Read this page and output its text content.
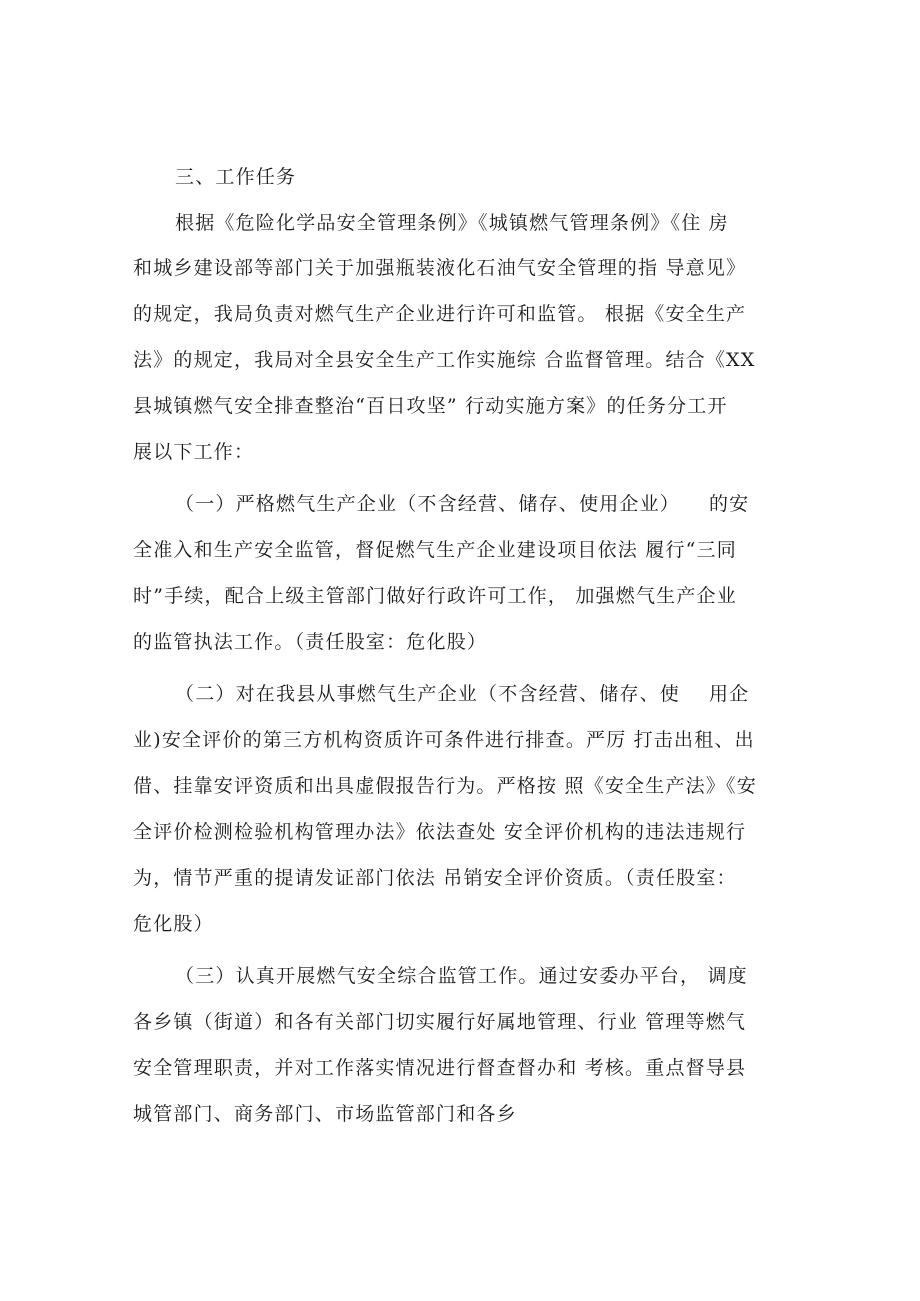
三、工作任务
根据《危险化学品安全管理条例》《城镇燃气管理条例》《住 房
和城乡建设部等部门关于加强瓶装液化石油气安全管理的指 导意见》
的规定，我局负责对燃气生产企业进行许可和监管。 根据《安全生产
法》的规定，我局对全县安全生产工作实施综 合监督管理。结合《XX
县城镇燃气安全排查整治“百日攻坚” 行动实施方案》的任务分工开
展以下工作：
（一）严格燃气生产企业（不含经营、储存、使用企业）    的安
全准入和生产安全监管，督促燃气生产企业建设项目依法 履行“三同
时”手续，配合上级主管部门做好行政许可工作， 加强燃气生产企业
的监管执法工作。（责任股室：危化股）
（二）对在我县从事燃气生产企业（不含经营、储存、使    用企
业)安全评价的第三方机构资质许可条件进行排查。严厉 打击出租、出
借、挂靠安评资质和出具虚假报告行为。严格按 照《安全生产法》《安
全评价检测检验机构管理办法》依法查处 安全评价机构的违法违规行
为，情节严重的提请发证部门依法 吊销安全评价资质。（责任股室：
危化股）
（三）认真开展燃气安全综合监管工作。通过安委办平台， 调度
各乡镇（街道）和各有关部门切实履行好属地管理、行业 管理等燃气
安全管理职责，并对工作落实情况进行督查督办和 考核。重点督导县
城管部门、商务部门、市场监管部门和各乡
